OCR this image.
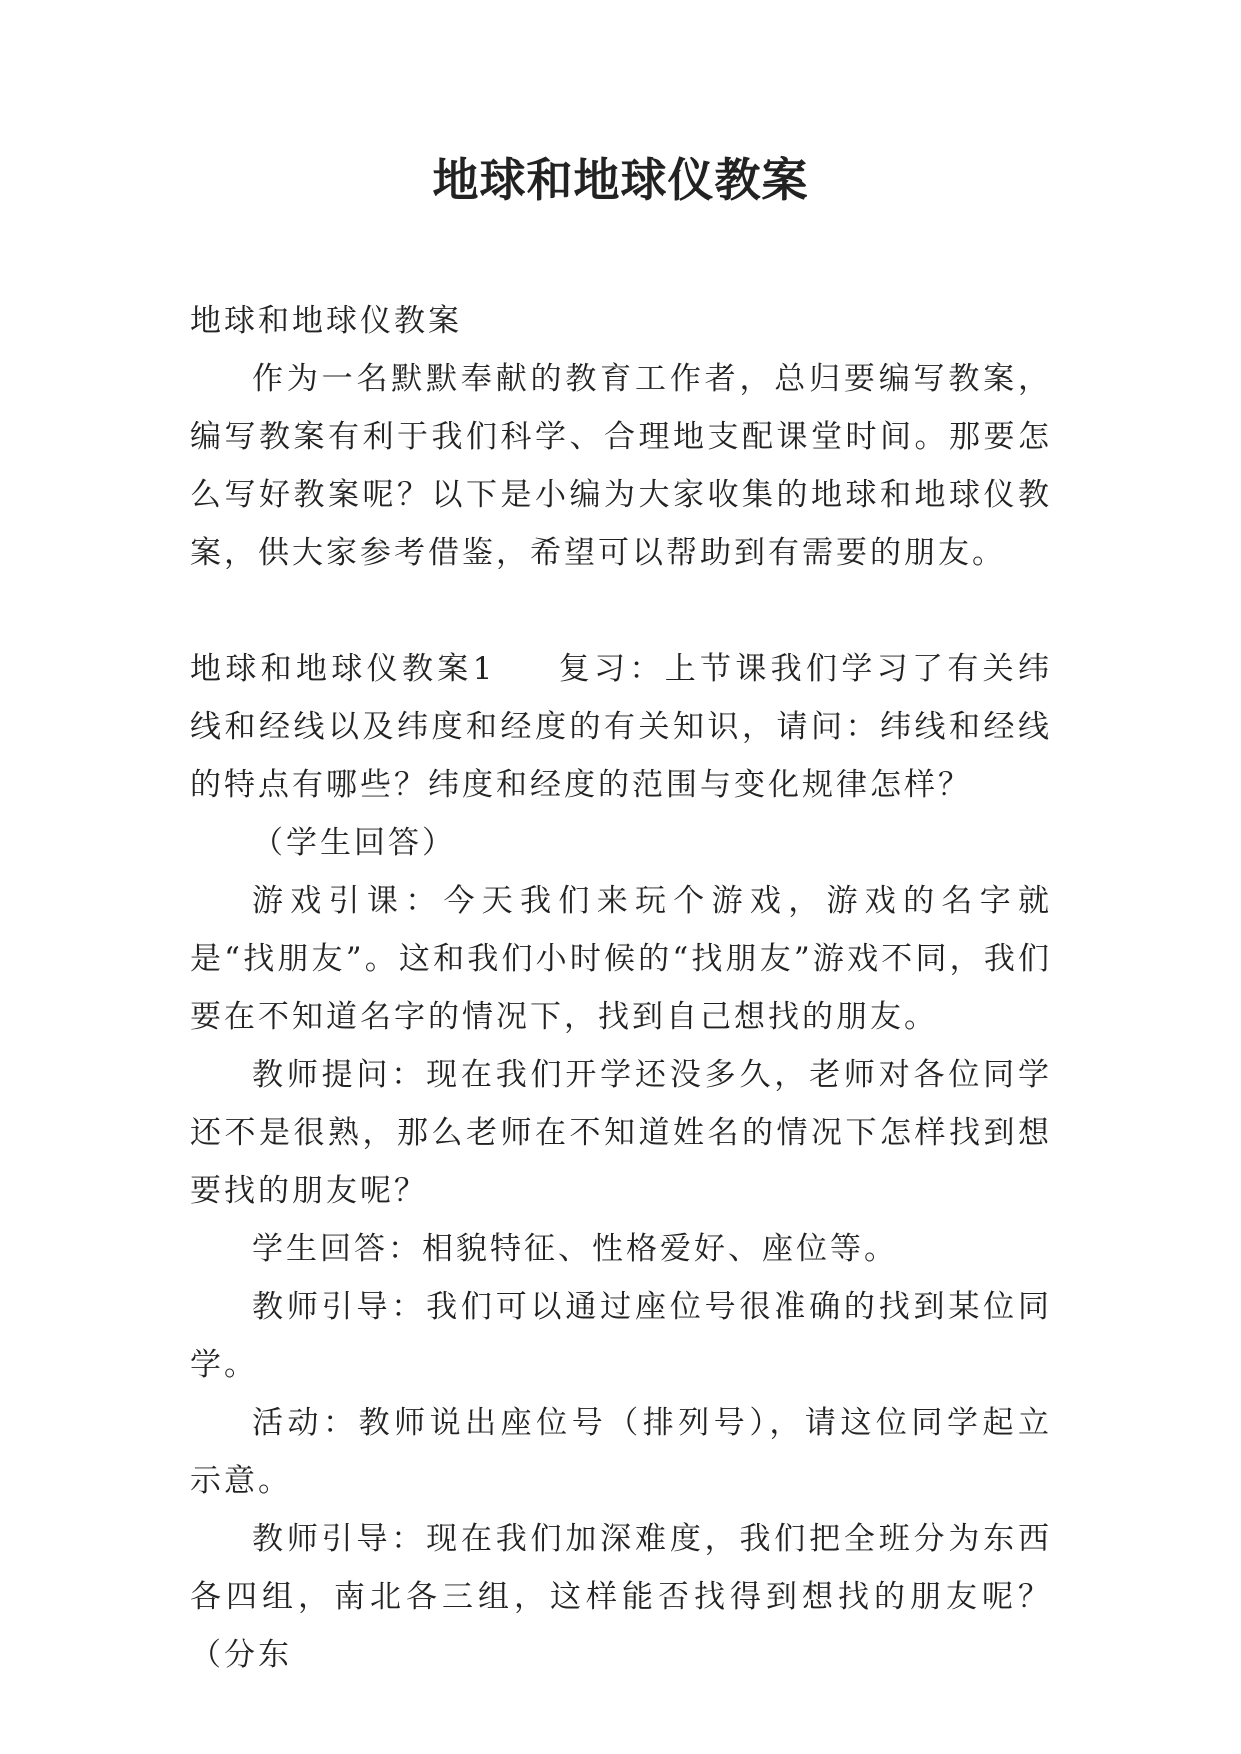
地球和地球仪教案

地球和地球仪教案

作为一名默默奉献的教育工作者，总归要编写教案，编写教案有利于我们科学、合理地支配课堂时间。那要怎么写好教案呢？以下是小编为大家收集的地球和地球仪教案，供大家参考借鉴，希望可以帮助到有需要的朋友。

地球和地球仪教案1 复习：上节课我们学习了有关纬线和经线以及纬度和经度的有关知识，请问：纬线和经线的特点有哪些？纬度和经度的范围与变化规律怎样？

（学生回答）

游戏引课：今天我们来玩个游戏，游戏的名字就是“找朋友”。这和我们小时候的“找朋友”游戏不同，我们要在不知道名字的情况下，找到自己想找的朋友。

教师提问：现在我们开学还没多久，老师对各位同学还不是很熟，那么老师在不知道姓名的情况下怎样找到想要找的朋友呢？

学生回答：相貌特征、性格爱好、座位等。

教师引导：我们可以通过座位号很准确的找到某位同学。

活动：教师说出座位号（排列号），请这位同学起立示意。

教师引导：现在我们加深难度，我们把全班分为东西各四组，南北各三组，这样能否找得到想找的朋友呢？（分东
